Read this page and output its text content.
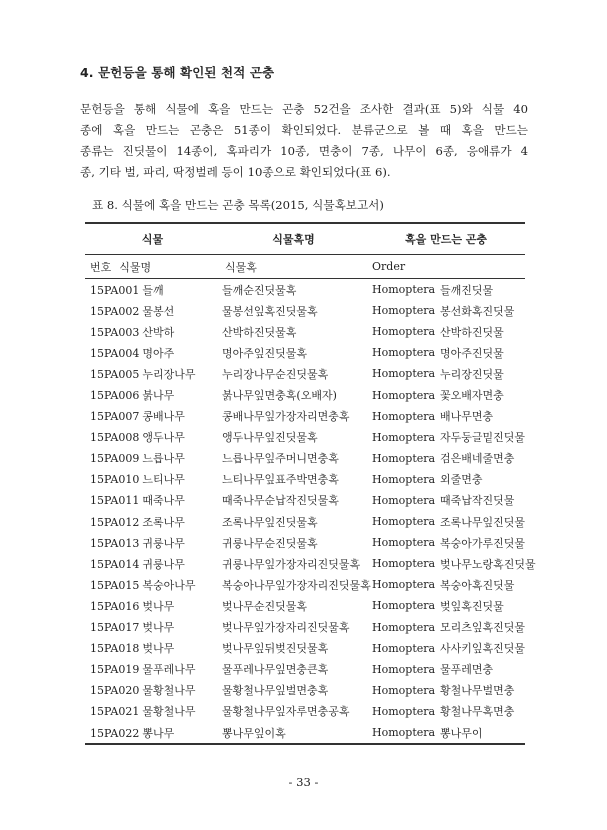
4. 문헌등을 통해 확인된 천적 곤충
문헌등을 통해 식물에 혹을 만드는 곤충 52건을 조사한 결과(표 5)와 식물 40
종에 혹을 만드는 곤충은 51종이 확인되었다. 분류군으로 볼 때 혹을 만드는
종류는 진딧물이 14종이, 혹파리가 10종, 면충이 7종, 나무이 6종, 응애류가 4
종, 기타 벌, 파리, 딱정벌레 등이 10종으로 확인되었다(표 6).
표 8. 식물에 혹을 만드는 곤충 목록(2015, 식물혹보고서)
식물	식물혹명	혹을 만드는 곤충	
번호 식물명	식물혹	Order	
15PA001 들깨	들깨순진딧물혹	Homoptera	들깨진딧물
15PA002 물봉선	물봉선잎혹진딧물혹	Homoptera	봉선화혹진딧물
15PA003 산박하	산박하진딧물혹	Homoptera	산박하진딧물
15PA004 명아주	명아주잎진딧물혹	Homoptera	명아주진딧물
15PA005 누리장나무	누리장나무순진딧물혹	Homoptera	누리장진딧물
15PA006 붉나무	붉나무잎면충혹(오배자)	Homoptera	꽃오배자면충
15PA007 콩배나무	콩배나무잎가장자리면충혹	Homoptera	배나무면충
15PA008 앵두나무	앵두나무잎진딧물혹	Homoptera	자두둥글밑진딧물
15PA009 느릅나무	느릅나무잎주머니면충혹	Homoptera	검은배네줄면충
15PA010 느티나무	느티나무잎표주박면충혹	Homoptera	외줄면충
15PA011 때죽나무	때죽나무순납작진딧물혹	Homoptera	때죽납작진딧물
15PA012 조록나무	조록나무잎진딧물혹	Homoptera	조록나무잎진딧물
15PA013 귀룽나무	귀룽나무순진딧물혹	Homoptera	복숭아가루진딧물
15PA014 귀룽나무	귀룽나무잎가장자리진딧물혹	Homoptera	벚나무노랑혹진딧물
15PA015 복숭아나무	복숭아나무잎가장자리진딧물혹	Homoptera	복숭아혹진딧물
15PA016 벚나무	벚나무순진딧물혹	Homoptera	벚잎혹진딧물
15PA017 벚나무	벚나무잎가장자리진딧물혹	Homoptera	모리츠잎혹진딧물
15PA018 벚나무	벚나무잎뒤벚진딧물혹	Homoptera	사사키잎혹진딧물
15PA019 물푸레나무	물푸레나무잎면충큰혹	Homoptera	물푸레면충
15PA020 물황철나무	물황철나무잎벌면충혹	Homoptera	황철나무벌면충
15PA021 물황철나무	물황철나무잎자루면충공혹	Homoptera	황철나무혹면충
15PA022 뽕나무	뽕나무잎이혹	Homoptera	뽕나무이
- 33 -
